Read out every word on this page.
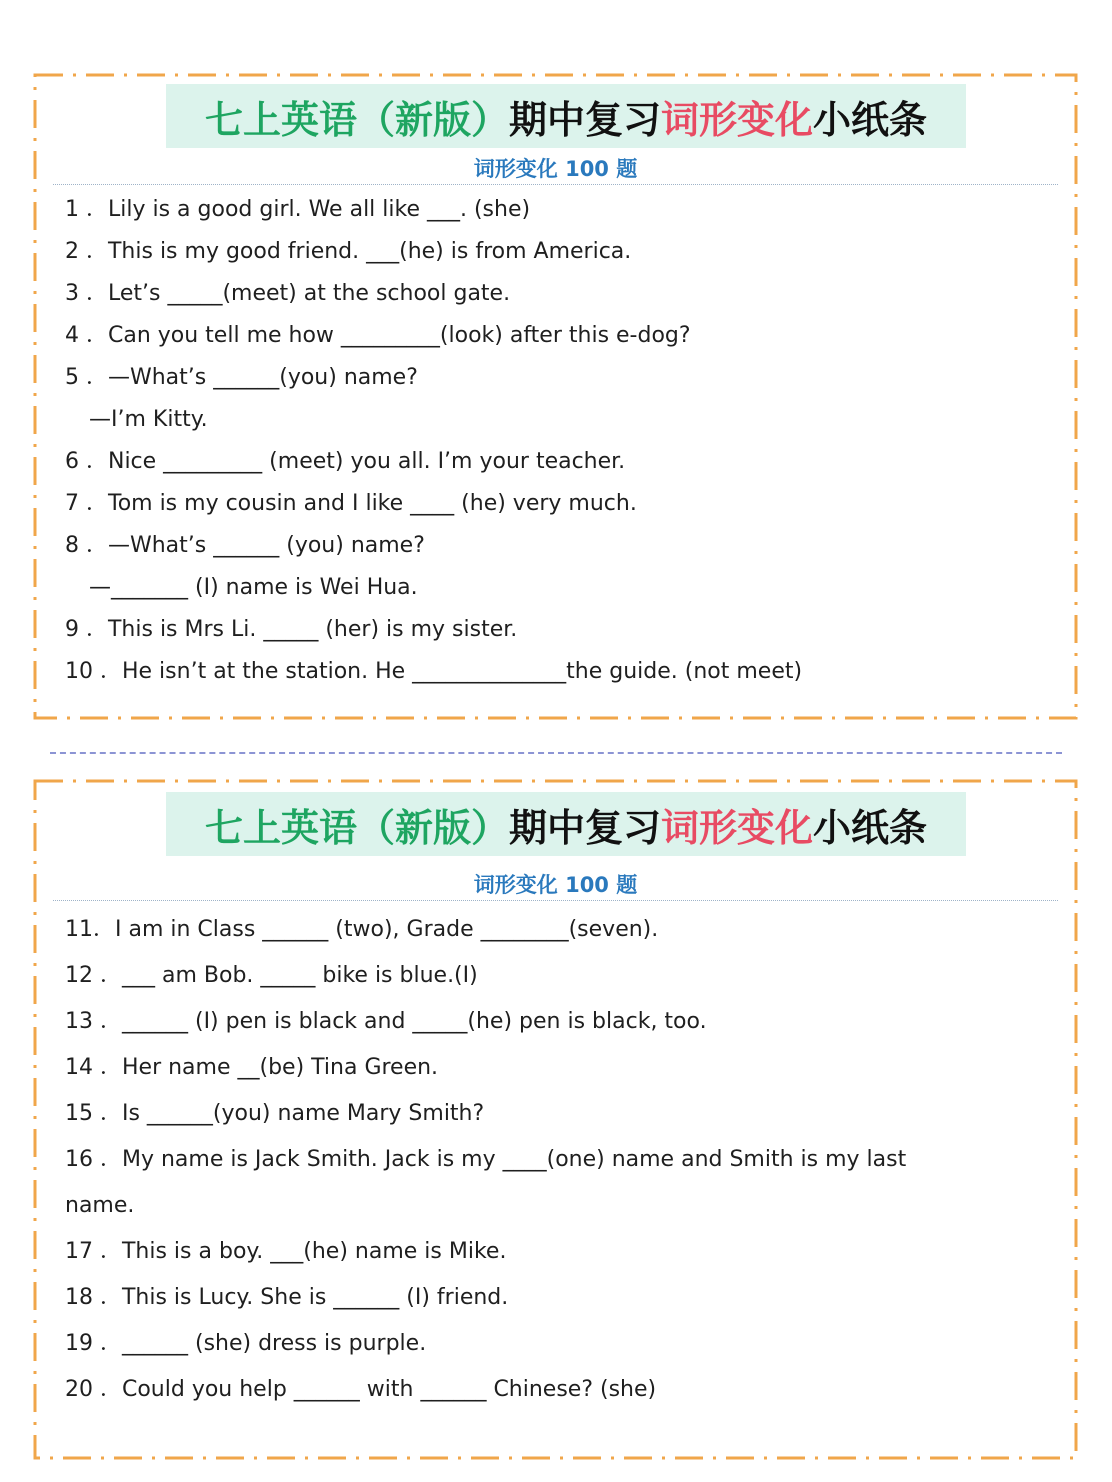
七上英语（新版） 期中复习 词形变化 小纸条
词形变化 100 题
1 ．Lily is a good girl. We all like ___. (she)
2 ．This is my good friend. ___(he) is from America.
3 ．Let’s _____(meet) at the school gate.
4 ．Can you tell me how _________(look) after this e-dog?
5 ．—What’s ______(you) name?
—I’m Kitty.
6 ．Nice _________ (meet) you all. I’m your teacher.
7 ．Tom is my cousin and I like ____ (he) very much.
8 ．—What’s ______ (you) name?
—_______ (I) name is Wei Hua.
9 ．This is Mrs Li. _____ (her) is my sister.
10 ．He isn’t at the station. He ______________the guide. (not meet)
七上英语（新版） 期中复习 词形变化 小纸条
词形变化 100 题
11．I am in Class ______ (two), Grade ________(seven).
12 ．___ am Bob. _____ bike is blue.(I)
13 ．______ (I) pen is black and _____(he) pen is black, too.
14 ．Her name __(be) Tina Green.
15 ．Is ______(you) name Mary Smith?
16 ．My name is Jack Smith. Jack is my ____(one) name and Smith is my last
name.
17 ．This is a boy. ___(he) name is Mike.
18 ．This is Lucy. She is ______ (I) friend.
19 ．______ (she) dress is purple.
20 ．Could you help ______ with ______ Chinese? (she)
